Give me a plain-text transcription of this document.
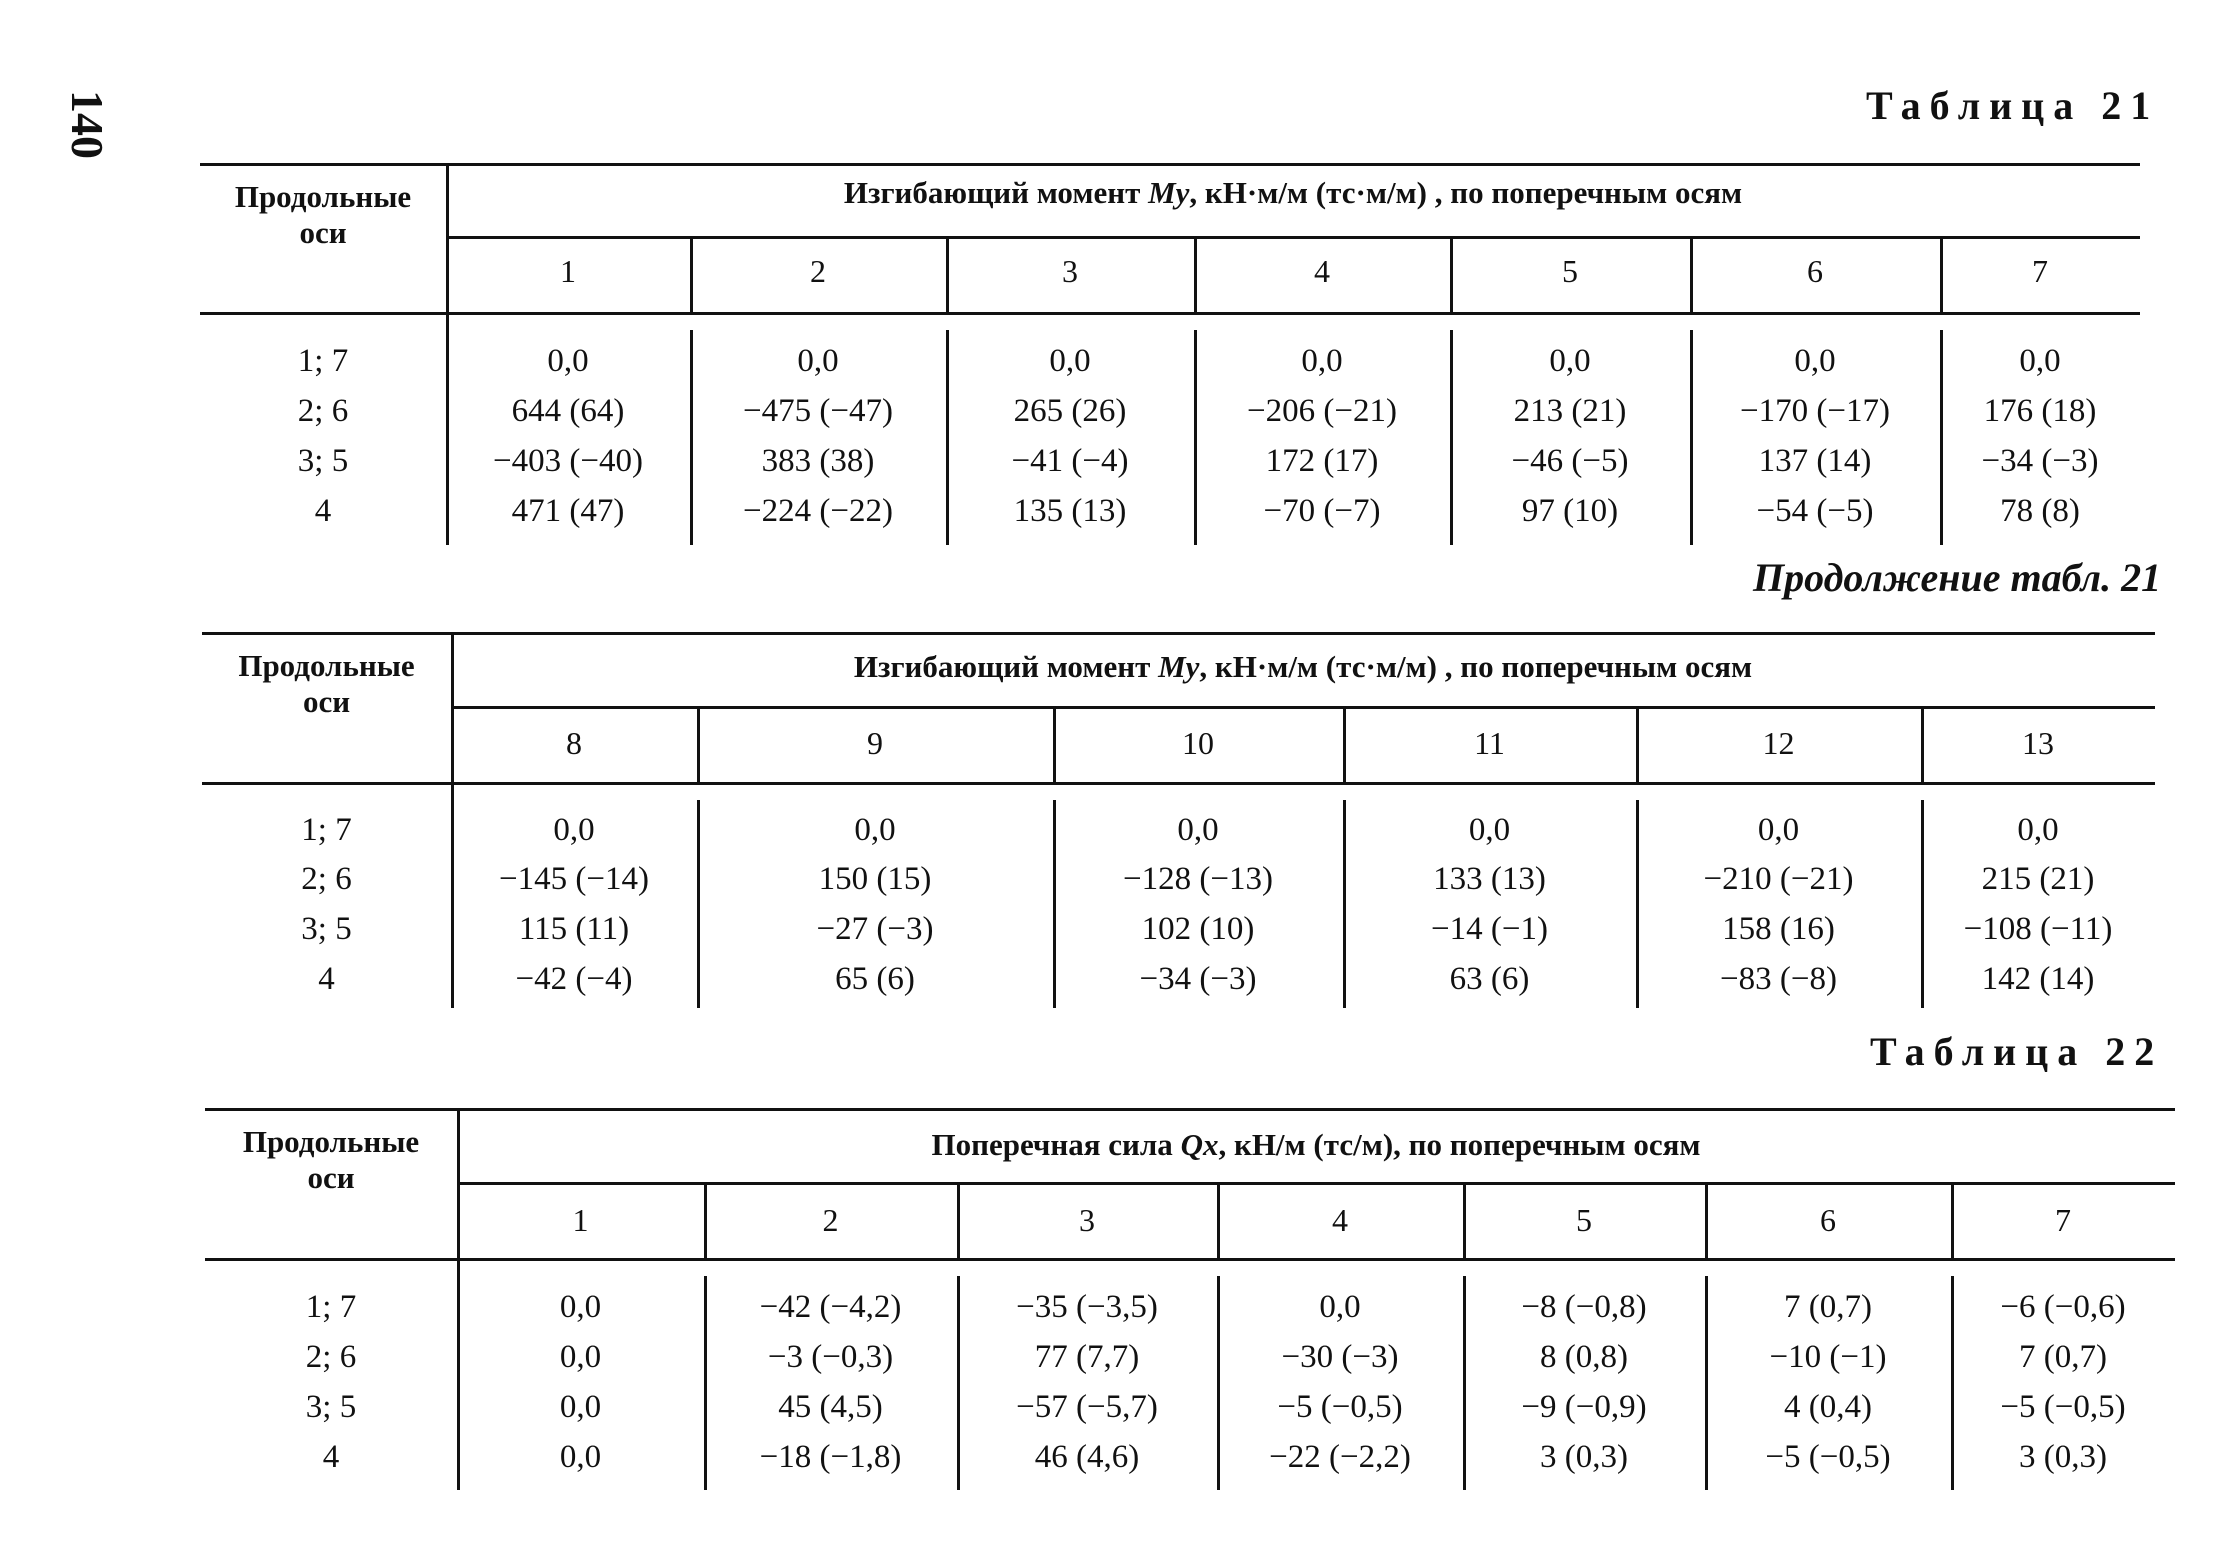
140	Таблица 21
Продолжение табл. 21
Таблица 22
Продольные оси
Изгибающий момент My, кН·м/м (тс·м/м) , по поперечным осям
1	2	3	4	5	6	7
1; 7	0,0	0,0	0,0	0,0	0,0	0,0	0,0
2; 6	644 (64)	−475 (−47)	265 (26)	−206 (−21)	213 (21)	−170 (−17)	176 (18)
3; 5	−403 (−40)	383 (38)	−41 (−4)	172 (17)	−46 (−5)	137 (14)	−34 (−3)
4	471 (47)	−224 (−22)	135 (13)	−70 (−7)	97 (10)	−54 (−5)	78 (8)
Продольные оси
Изгибающий момент My, кН·м/м (тс·м/м) , по поперечным осям
8	9	10	11	12	13
1; 7	0,0	0,0	0,0	0,0	0,0	0,0
2; 6	−145 (−14)	150 (15)	−128 (−13)	133 (13)	−210 (−21)	215 (21)
3; 5	115 (11)	−27 (−3)	102 (10)	−14 (−1)	158 (16)	−108 (−11)
4	−42 (−4)	65 (6)	−34 (−3)	63 (6)	−83 (−8)	142 (14)
Продольные оси
Поперечная сила Qx, кН/м (тс/м), по поперечным осям
1	2	3	4	5	6	7
1; 7	0,0	−42 (−4,2)	−35 (−3,5)	0,0	−8 (−0,8)	7 (0,7)	−6 (−0,6)
2; 6	0,0	−3 (−0,3)	77 (7,7)	−30 (−3)	8 (0,8)	−10 (−1)	7 (0,7)
3; 5	0,0	45 (4,5)	−57 (−5,7)	−5 (−0,5)	−9 (−0,9)	4 (0,4)	−5 (−0,5)
4	0,0	−18 (−1,8)	46 (4,6)	−22 (−2,2)	3 (0,3)	−5 (−0,5)	3 (0,3)
